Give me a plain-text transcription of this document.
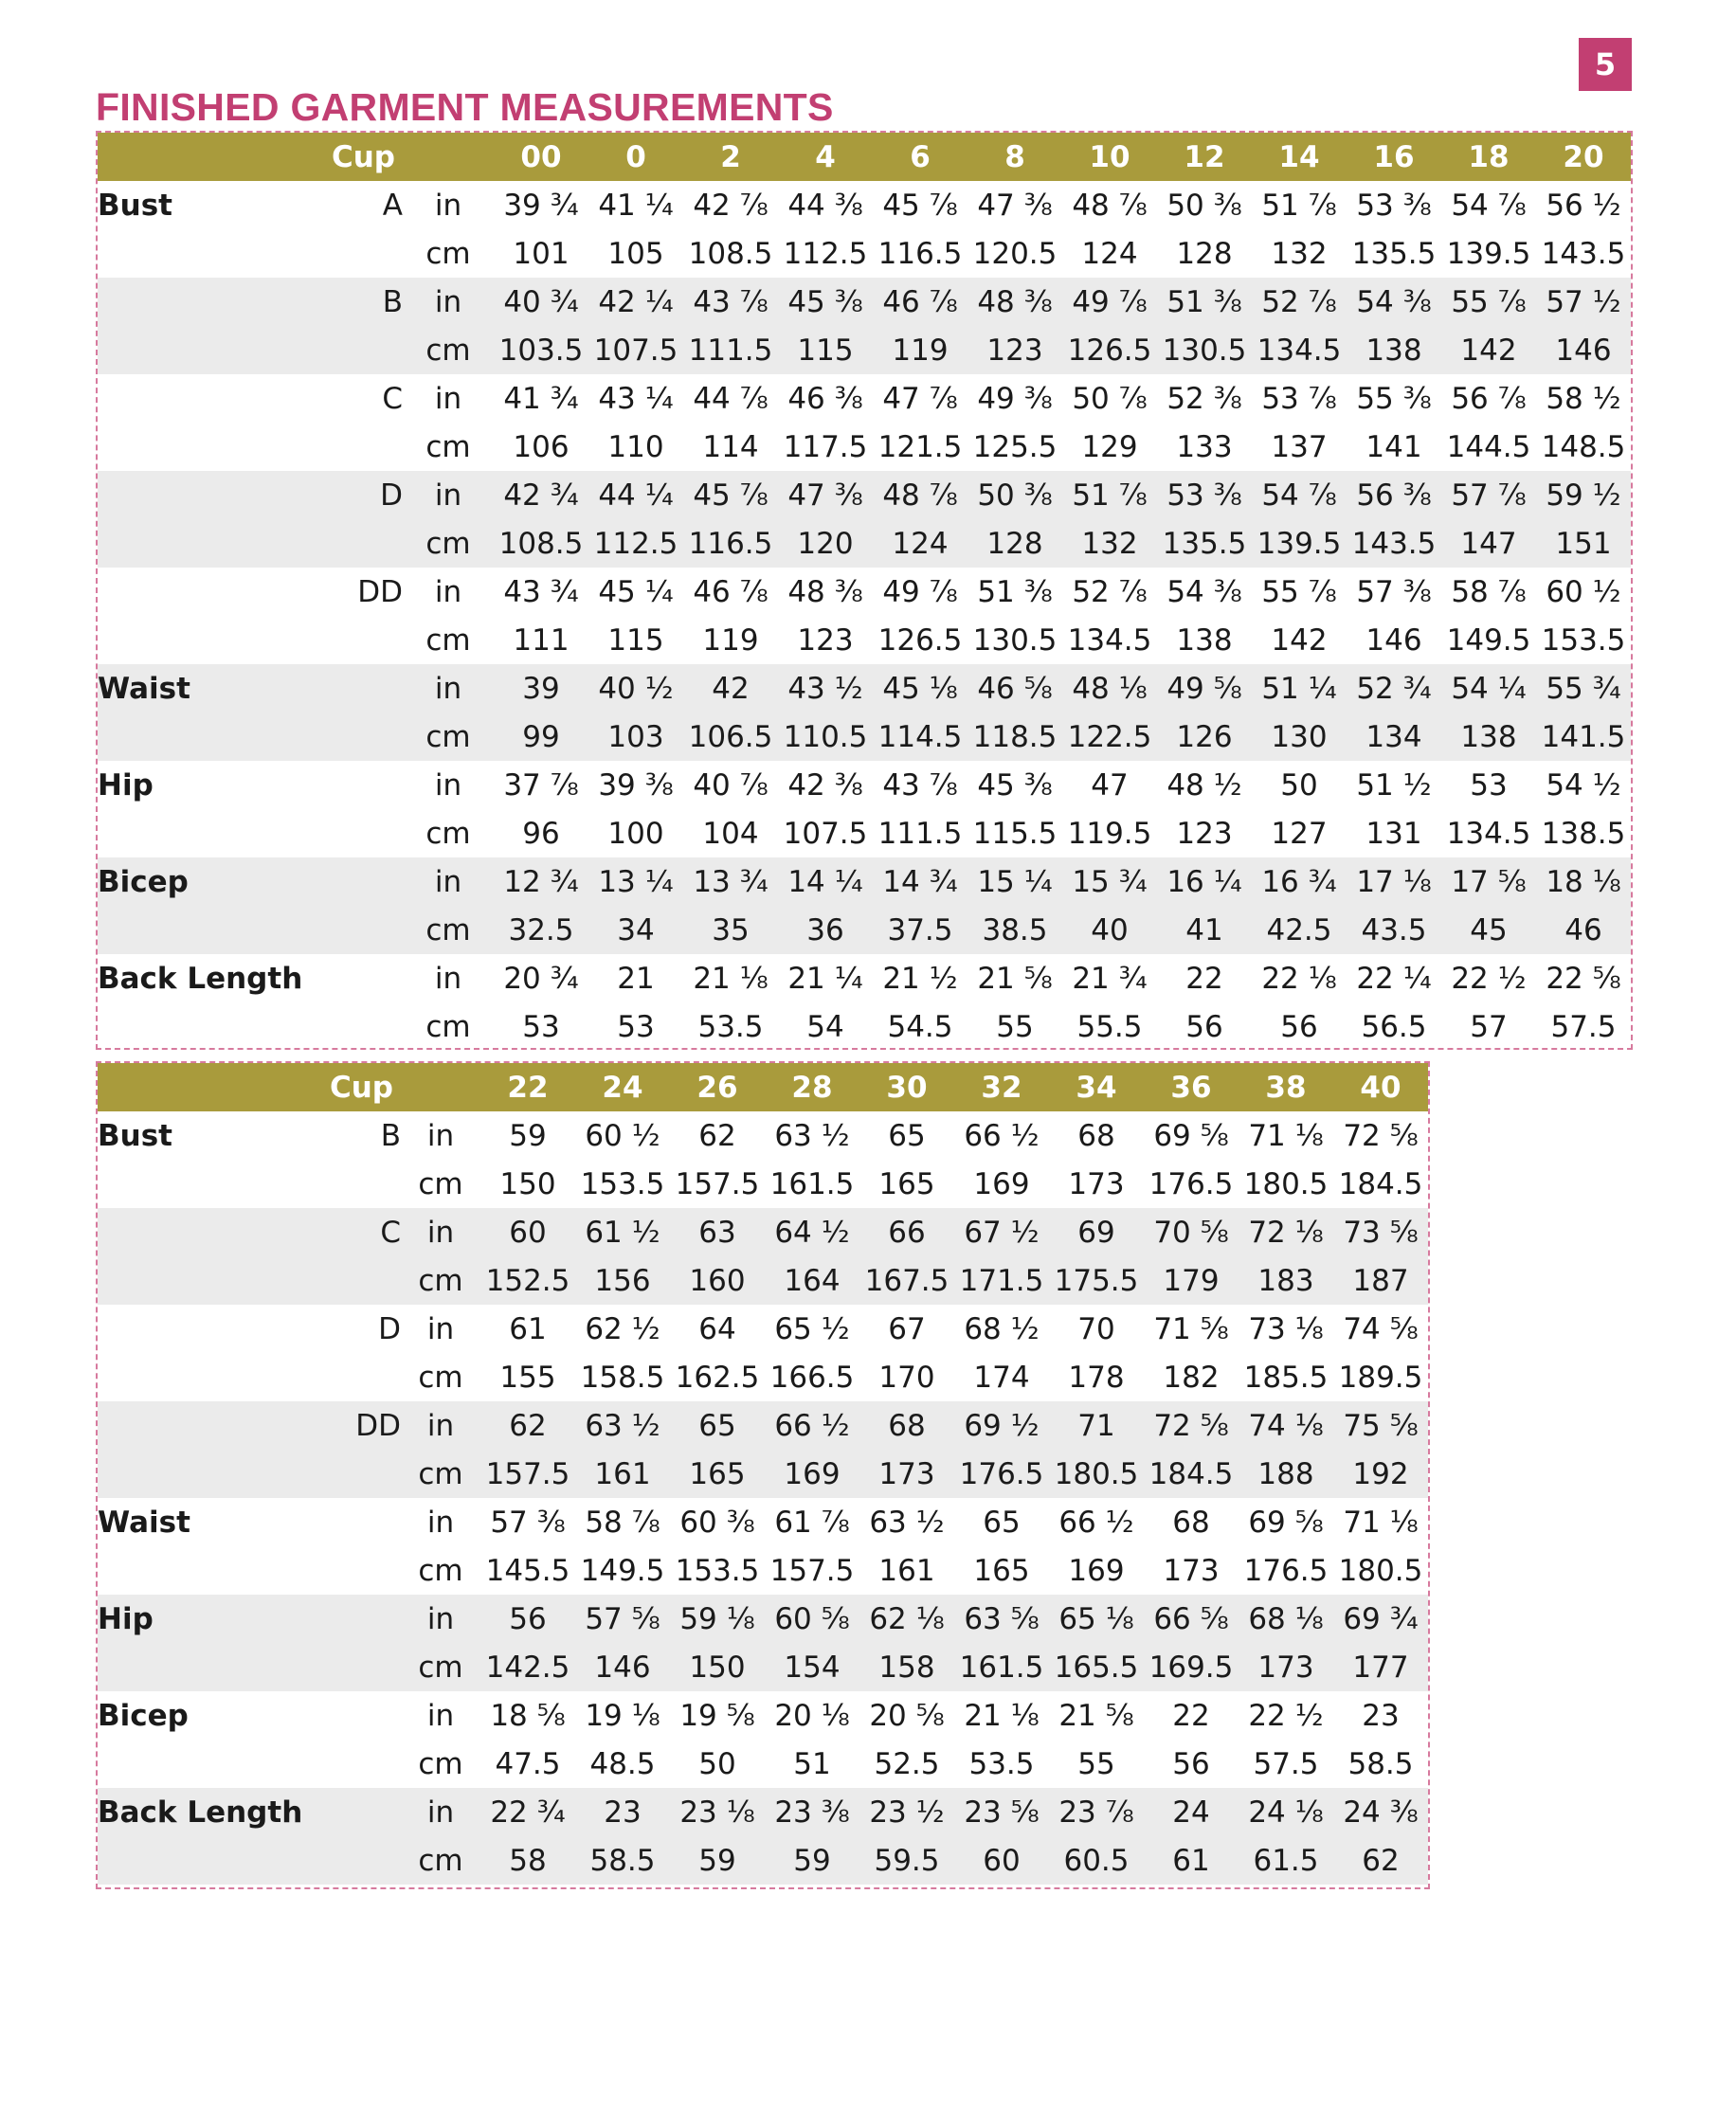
5
FINISHED GARMENT MEASUREMENTS
	Cup		00	0	2	4	6	8	10	12	14	16	18	20
Bust	A	in	39 ¾	41 ¼	42 ⅞	44 ⅜	45 ⅞	47 ⅜	48 ⅞	50 ⅜	51 ⅞	53 ⅜	54 ⅞	56 ½
		cm	101	105	108.5	112.5	116.5	120.5	124	128	132	135.5	139.5	143.5
	B	in	40 ¾	42 ¼	43 ⅞	45 ⅜	46 ⅞	48 ⅜	49 ⅞	51 ⅜	52 ⅞	54 ⅜	55 ⅞	57 ½
		cm	103.5	107.5	111.5	115	119	123	126.5	130.5	134.5	138	142	146
	C	in	41 ¾	43 ¼	44 ⅞	46 ⅜	47 ⅞	49 ⅜	50 ⅞	52 ⅜	53 ⅞	55 ⅜	56 ⅞	58 ½
		cm	106	110	114	117.5	121.5	125.5	129	133	137	141	144.5	148.5
	D	in	42 ¾	44 ¼	45 ⅞	47 ⅜	48 ⅞	50 ⅜	51 ⅞	53 ⅜	54 ⅞	56 ⅜	57 ⅞	59 ½
		cm	108.5	112.5	116.5	120	124	128	132	135.5	139.5	143.5	147	151
	DD	in	43 ¾	45 ¼	46 ⅞	48 ⅜	49 ⅞	51 ⅜	52 ⅞	54 ⅜	55 ⅞	57 ⅜	58 ⅞	60 ½
		cm	111	115	119	123	126.5	130.5	134.5	138	142	146	149.5	153.5
Waist		in	39	40 ½	42	43 ½	45 ⅛	46 ⅝	48 ⅛	49 ⅝	51 ¼	52 ¾	54 ¼	55 ¾
		cm	99	103	106.5	110.5	114.5	118.5	122.5	126	130	134	138	141.5
Hip		in	37 ⅞	39 ⅜	40 ⅞	42 ⅜	43 ⅞	45 ⅜	47	48 ½	50	51 ½	53	54 ½
		cm	96	100	104	107.5	111.5	115.5	119.5	123	127	131	134.5	138.5
Bicep		in	12 ¾	13 ¼	13 ¾	14 ¼	14 ¾	15 ¼	15 ¾	16 ¼	16 ¾	17 ⅛	17 ⅝	18 ⅛
		cm	32.5	34	35	36	37.5	38.5	40	41	42.5	43.5	45	46
Back Length		in	20 ¾	21	21 ⅛	21 ¼	21 ½	21 ⅝	21 ¾	22	22 ⅛	22 ¼	22 ½	22 ⅝
		cm	53	53	53.5	54	54.5	55	55.5	56	56	56.5	57	57.5
	Cup		22	24	26	28	30	32	34	36	38	40
Bust	B	in	59	60 ½	62	63 ½	65	66 ½	68	69 ⅝	71 ⅛	72 ⅝
		cm	150	153.5	157.5	161.5	165	169	173	176.5	180.5	184.5
	C	in	60	61 ½	63	64 ½	66	67 ½	69	70 ⅝	72 ⅛	73 ⅝
		cm	152.5	156	160	164	167.5	171.5	175.5	179	183	187
	D	in	61	62 ½	64	65 ½	67	68 ½	70	71 ⅝	73 ⅛	74 ⅝
		cm	155	158.5	162.5	166.5	170	174	178	182	185.5	189.5
	DD	in	62	63 ½	65	66 ½	68	69 ½	71	72 ⅝	74 ⅛	75 ⅝
		cm	157.5	161	165	169	173	176.5	180.5	184.5	188	192
Waist		in	57 ⅜	58 ⅞	60 ⅜	61 ⅞	63 ½	65	66 ½	68	69 ⅝	71 ⅛
		cm	145.5	149.5	153.5	157.5	161	165	169	173	176.5	180.5
Hip		in	56	57 ⅝	59 ⅛	60 ⅝	62 ⅛	63 ⅝	65 ⅛	66 ⅝	68 ⅛	69 ¾
		cm	142.5	146	150	154	158	161.5	165.5	169.5	173	177
Bicep		in	18 ⅝	19 ⅛	19 ⅝	20 ⅛	20 ⅝	21 ⅛	21 ⅝	22	22 ½	23
		cm	47.5	48.5	50	51	52.5	53.5	55	56	57.5	58.5
Back Length		in	22 ¾	23	23 ⅛	23 ⅜	23 ½	23 ⅝	23 ⅞	24	24 ⅛	24 ⅜
		cm	58	58.5	59	59	59.5	60	60.5	61	61.5	62
